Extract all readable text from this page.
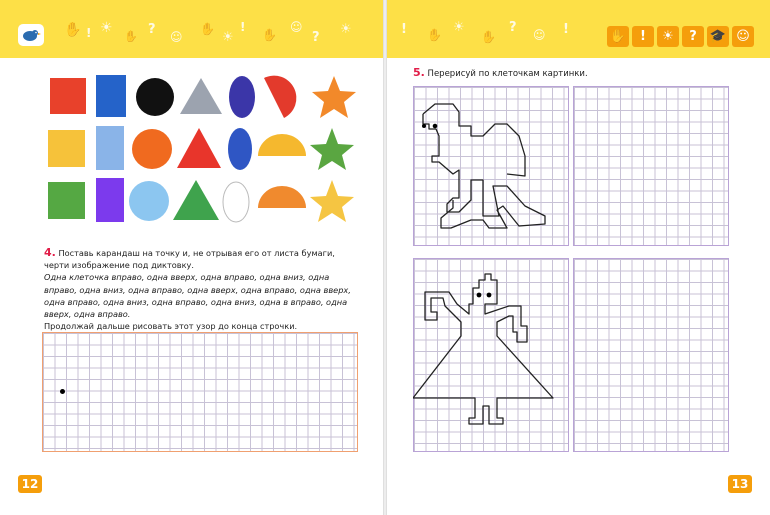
✋ ! ☀
✋ ? ☺
✋
☀
!
✋
☺
?
☀
4. Поставь карандаш на точку и, не отрывая его от листа бумаги, черти изображение под диктовку.
Одна клеточка вправо, одна вверх, одна вправо, одна вниз, одна вправо, одна вниз, одна вправо, одна вверх, одна вправо, одна вверх, одна вправо, одна вниз, одна вправо, одна вниз, одна в вправо, одна вверх, одна вправо.
Продолжай дальше рисовать этот узор до конца строчки.
12
! ✋ ☀
✋
? ☺ !	✋	!	☀	?	🎓 ☺
5. Перерисуй по клеточкам картинки.
13
